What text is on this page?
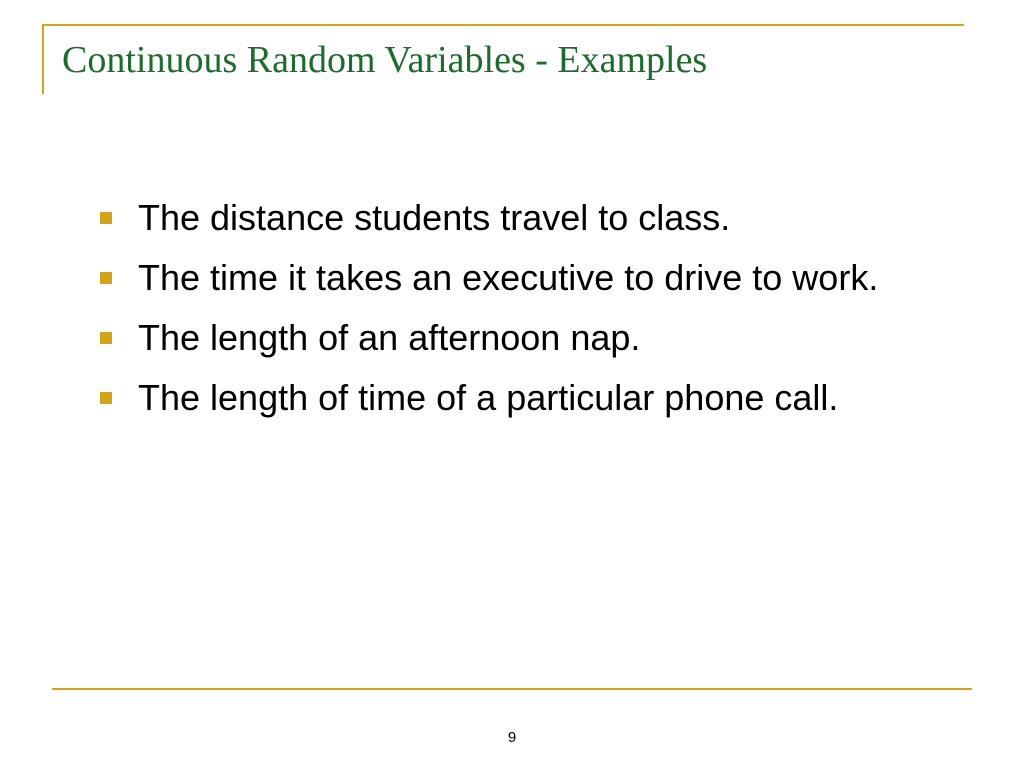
Continuous Random Variables - Examples
The distance students travel to class.
The time it takes an executive to drive to work.
The length of an afternoon nap.
The length of time of a particular phone call.
9
